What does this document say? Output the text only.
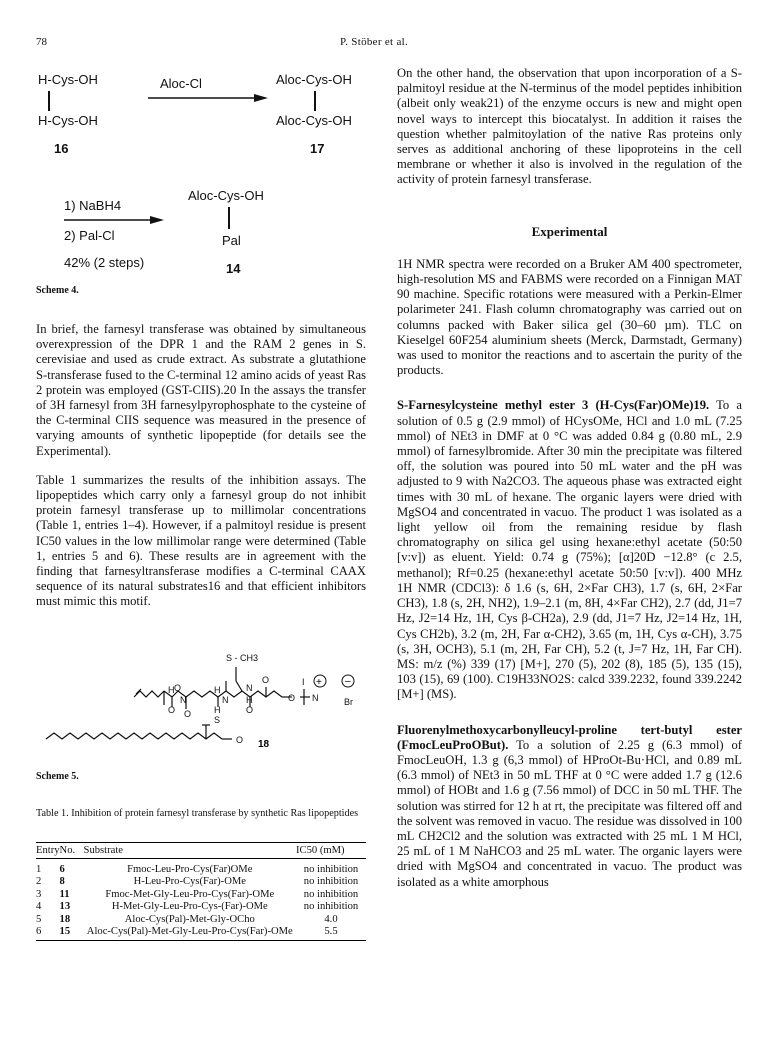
78	P. Stöber et al.
H-Cys-OH
H-Cys-OH
16
Aloc-Cl	Aloc-Cys-OH
Aloc-Cys-OH
17
1) NaBH4
2) Pal-Cl
42% (2 steps)
Aloc-Cys-OH
Pal
14
Scheme 4.

In brief, the farnesyl transferase was obtained by simultaneous overexpression of the DPR 1 and the RAM 2 genes in S. cerevisiae and used as crude extract. As substrate a glutathione S-transferase fused to the C-terminal 12 amino acids of yeast Ras 2 protein was employed (GST-CIIS).20 In the assays the transfer of 3H farnesyl from 3H farnesylpyrophosphate to the cysteine of the C-terminal CIIS sequence was measured in the presence of varying amounts of synthetic lipopeptide (for details see the Experimental).

Table 1 summarizes the results of the inhibition assays. The lipopeptides which carry only a farnesyl group do not inhibit protein farnesyl transferase up to millimolar concentrations (Table 1, entries 1–4). However, if a palmitoyl residue is present IC50 values in the low millimolar range were determined (Table 1, entries 5 and 6). These results are in agreement with the finding that farnesyltransferase modifies a C-terminal CAAX sequence of its natural substrates16 and that efficient inhibitors must mimic this motif.

S - CH3
H O
N
O O
H
N
H
S
N
H
O
O
O N
O
I
Br
+ –
18
Scheme 5.
Table 1. Inhibition of protein farnesyl transferase by synthetic Ras lipopeptides
Entry	No.	Substrate	IC50 (mM)
1	6	Fmoc-Leu-Pro-Cys(Far)OMe	no inhibition
2	8	H-Leu-Pro-Cys(Far)-OMe	no inhibition
3	11	Fmoc-Met-Gly-Leu-Pro-Cys(Far)-OMe	no inhibition
4	13	H-Met-Gly-Leu-Pro-Cys-(Far)-OMe	no inhibition
5	18	Aloc-Cys(Pal)-Met-Gly-OCho	4.0
6	15	Aloc-Cys(Pal)-Met-Gly-Leu-Pro-Cys(Far)-OMe	5.5

On the other hand, the observation that upon incorporation of a S-palmitoyl residue at the N-terminus of the model peptides inhibition (albeit only weak21) of the enzyme occurs is new and might open novel ways to intercept this biocatalyst. In addition it raises the question whether palmitoylation of the native Ras proteins only serves as additional anchoring of these lipoproteins in the cell membrane or whether it also is involved in the regulation of the activity of protein farnesyl transferase.

Experimental

1H NMR spectra were recorded on a Bruker AM 400 spectrometer, high-resolution MS and FABMS were recorded on a Finnigan MAT 90 machine. Specific rotations were measured with a Perkin-Elmer polarimeter 241. Flash column chromatography was carried out on columns packed with Baker silica gel (30–60 µm). TLC on Kieselgel 60F254 aluminium sheets (Merck, Darmstadt, Germany) was used to monitor the reactions and to ascertain the purity of the products.

S-Farnesylcysteine methyl ester 3 (H-Cys(Far)OMe)19. To a solution of 0.5 g (2.9 mmol) of HCysOMe, HCl and 1.0 mL (7.25 mmol) of NEt3 in DMF at 0 °C was added 0.84 g (0.80 mL, 2.9 mmol) of farnesylbromide. After 30 min the precipitate was filtered off, the solution was poured into 50 mL water and the pH was adjusted to 9 with Na2CO3. The aqueous phase was extracted eight times with 30 mL of hexane. The organic layers were dried with MgSO4 and concentrated in vacuo. The product 1 was isolated as a light yellow oil from the remaining residue by flash chromatography on silica gel using hexane:ethyl acetate (50:50 [v:v]) as eluent. Yield: 0.74 g (75%); [α]20D −12.8° (c 2.5, methanol); Rf=0.25 (hexane:ethyl acetate 50:50 [v:v]). 400 MHz 1H NMR (CDCl3): δ 1.6 (s, 6H, 2×Far CH3), 1.7 (s, 6H, 2×Far CH3), 1.8 (s, 2H, NH2), 1.9–2.1 (m, 8H, 4×Far CH2), 2.7 (dd, J1=7 Hz, J2=14 Hz, 1H, Cys β-CH2a), 2.9 (dd, J1=7 Hz, J2=14 Hz, 1H, Cys CH2b), 3.2 (m, 2H, Far α-CH2), 3.65 (m, 1H, Cys α-CH), 3.75 (s, 3H, OCH3), 5.1 (m, 2H, Far CH), 5.2 (t, J=7 Hz, 1H, Far CH). MS: m/z (%) 339 (17) [M+], 270 (5), 202 (8), 185 (5), 135 (15), 103 (15), 69 (100). C19H33NO2S: calcd 339.2232, found 339.2242 [M+] (MS).

Fluorenylmethoxycarbonylleucyl-proline tert-butyl ester (FmocLeuProOBut). To a solution of 2.25 g (6.3 mmol) of FmocLeuOH, 1.3 g (6,3 mmol) of HProOt-Bu·HCl, and 0.89 mL (6.3 mmol) of NEt3 in 50 mL THF at 0 °C were added 1.7 g (12.6 mmol) of HOBt and 1.6 g (7.56 mmol) of DCC in 50 mL THF. The solution was stirred for 12 h at rt, the precipitate was filtered off and the solvent was removed in vacuo. The residue was dissolved in 100 mL CH2Cl2 and the solution was extracted with 25 mL 1 M HCl, 25 mL of 1 M NaHCO3 and 25 mL water. The organic layers were dried with MgSO4 and concentrated in vacuo. The product was isolated as a white amorphous
